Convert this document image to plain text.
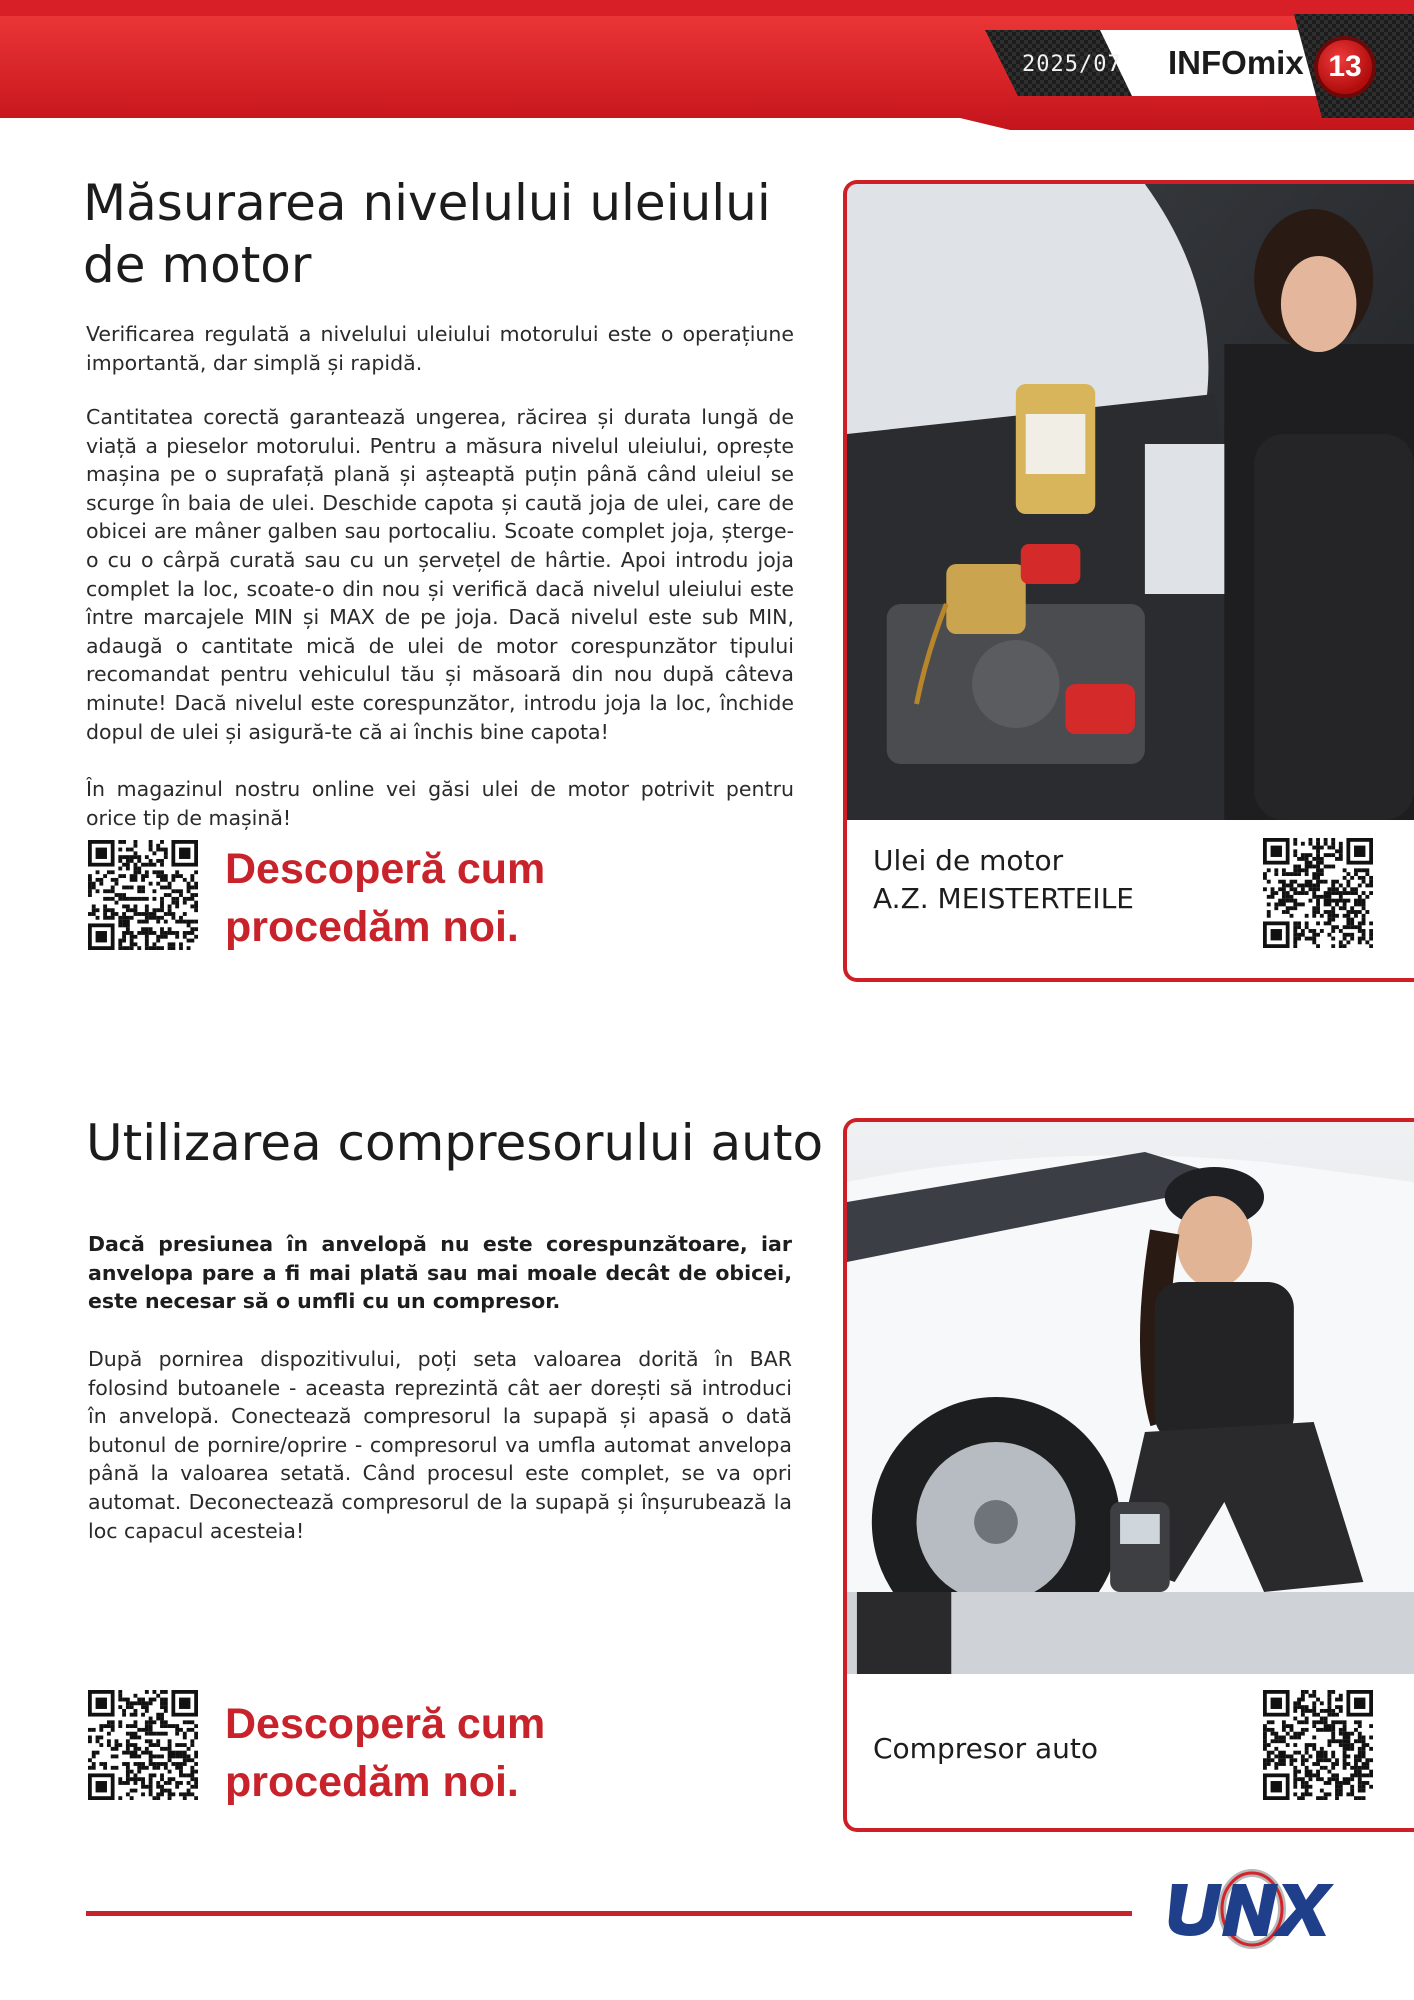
2025/07 INFOmix 13
Măsurarea nivelului uleiului
de motor

Verificarea regulată a nivelului uleiului motorului este o operațiune importantă, dar simplă și rapidă.

Cantitatea corectă garantează ungerea, răcirea și durata lungă de viață a pieselor motorului. Pentru a măsura nivelul uleiului, oprește mașina pe o suprafață plană și așteaptă puțin până când uleiul se scurge în baia de ulei. Deschide capota și caută joja de ulei, care de obicei are mâner galben sau portocaliu. Scoate complet joja, șterge-o cu o cârpă curată sau cu un șervețel de hârtie. Apoi introdu joja complet la loc, scoate-o din nou și verifică dacă nivelul uleiului este între marcajele MIN și MAX de pe joja. Dacă nivelul este sub MIN, adaugă o cantitate mică de ulei de motor corespunzător tipului recomandat pentru vehiculul tău și măsoară din nou după câteva minute! Dacă nivelul este corespunzător, introdu joja la loc, închide dopul de ulei și asigură-te că ai închis bine capota!

În magazinul nostru online vei găsi ulei de motor potrivit pentru orice tip de mașină!

Descoperă cum
procedăm noi.
Ulei de motor
A.Z. MEISTERTEILE
Utilizarea compresorului auto

Dacă presiunea în anvelopă nu este corespunzătoare, iar anvelopa pare a fi mai plată sau mai moale decât de obicei, este necesar să o umfli cu un compresor.

După pornirea dispozitivului, poți seta valoarea dorită în BAR folosind butoanele - aceasta reprezintă cât aer dorești să introduci în anvelopă. Conectează compresorul la supapă și apasă o dată butonul de pornire/oprire - compresorul va umfla automat anvelopa până la valoarea setată. Când procesul este complet, se va opri automat. Deconectează compresorul de la supapă și înșurubează la loc capacul acesteia!

Descoperă cum
procedăm noi.
Compresor auto
